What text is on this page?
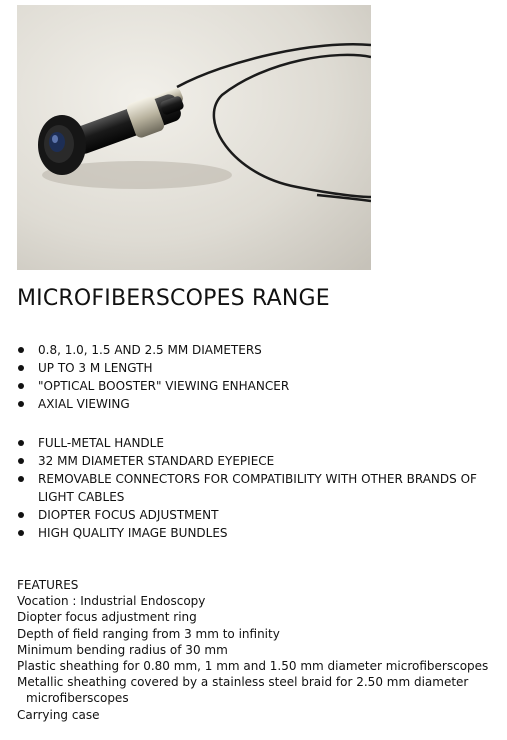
MICROFIBERSCOPES RANGE
0.8, 1.0, 1.5 AND 2.5 MM DIAMETERS
UP TO 3 M LENGTH
"OPTICAL BOOSTER" VIEWING ENHANCER
AXIAL VIEWING
FULL-METAL HANDLE
32 MM DIAMETER STANDARD EYEPIECE
REMOVABLE CONNECTORS FOR COMPATIBILITY WITH OTHER BRANDS OF LIGHT CABLES
DIOPTER FOCUS ADJUSTMENT
HIGH QUALITY IMAGE BUNDLES
FEATURES
Vocation : Industrial Endoscopy
Diopter focus adjustment ring
Depth of field ranging from 3 mm to infinity
Minimum bending radius of 30 mm
Plastic sheathing for 0.80 mm, 1 mm and 1.50 mm diameter microfiberscopes
Metallic sheathing covered by a stainless steel braid for 2.50 mm diameter microfiberscopes
Carrying case
